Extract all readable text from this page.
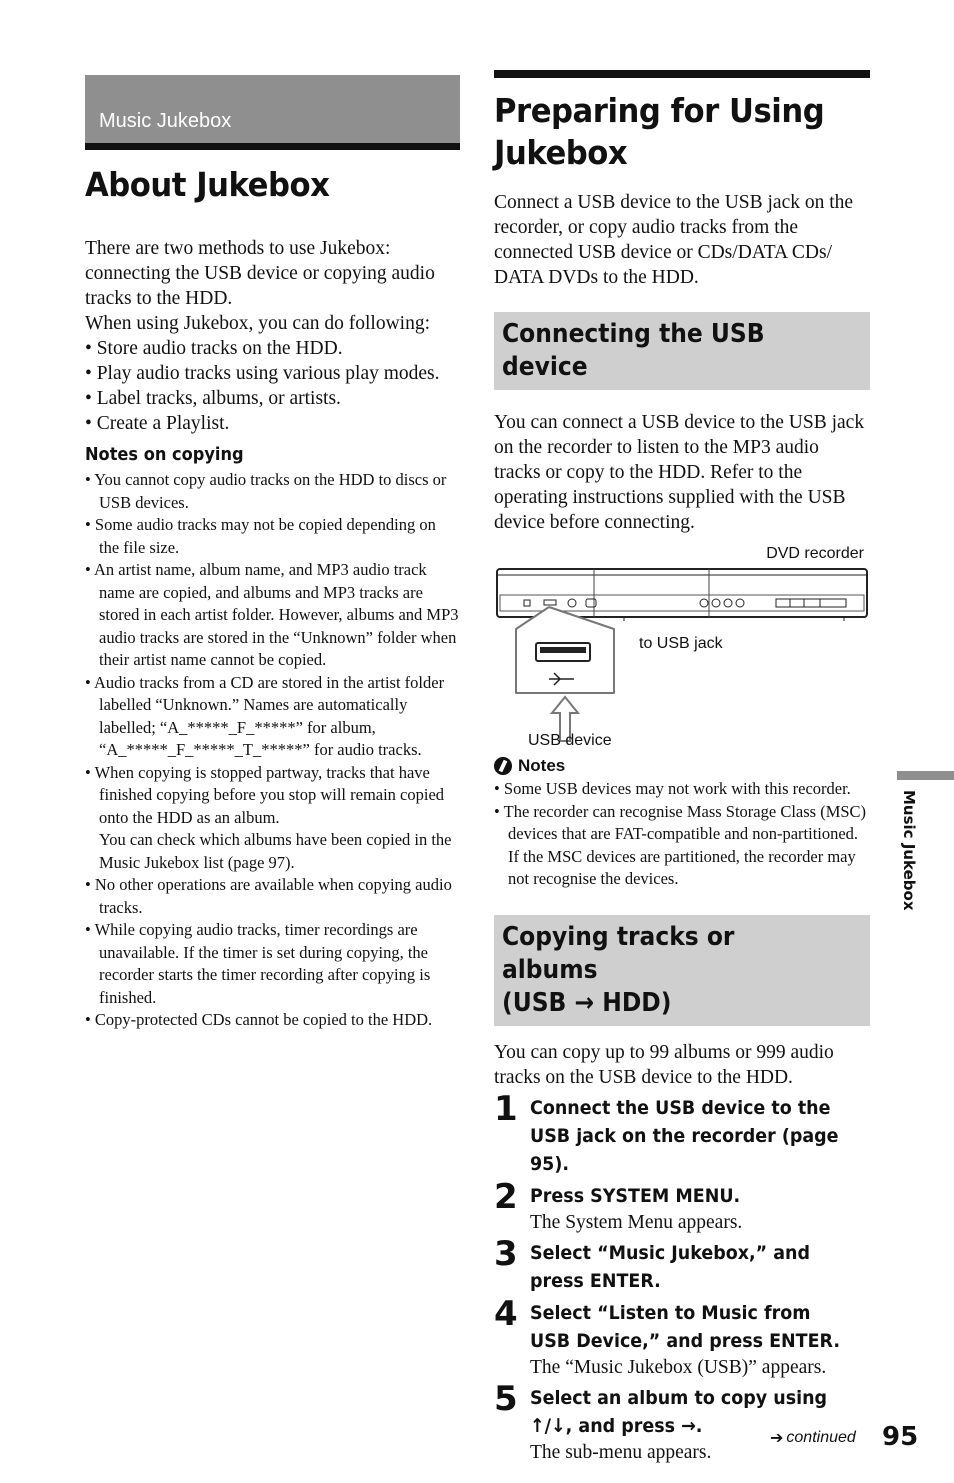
Music Jukebox
About Jukebox

There are two methods to use Jukebox: connecting the USB device or copying audio tracks to the HDD.

When using Jukebox, you can do following:

• Store audio tracks on the HDD.
• Play audio tracks using various play modes.
• Label tracks, albums, or artists.
• Create a Playlist.
Notes on copying
• You cannot copy audio tracks on the HDD to discs or USB devices.
• Some audio tracks may not be copied depending on the file size.
• An artist name, album name, and MP3 audio track name are copied, and albums and MP3 tracks are stored in each artist folder. However, albums and MP3 audio tracks are stored in the “Unknown” folder when their artist name cannot be copied.
• Audio tracks from a CD are stored in the artist folder labelled “Unknown.” Names are automatically labelled; “A_*****_F_*****” for album, “A_*****_F_*****_T_*****” for audio tracks.
• When copying is stopped partway, tracks that have finished copying before you stop will remain copied onto the HDD as an album.
You can check which albums have been copied in the Music Jukebox list (page 97).
• No other operations are available when copying audio tracks.
• While copying audio tracks, timer recordings are unavailable. If the timer is set during copying, the recorder starts the timer recording after copying is finished.
• Copy-protected CDs cannot be copied to the HDD.
Preparing for Using Jukebox

Connect a USB device to the USB jack on the recorder, or copy audio tracks from the connected USB device or CDs/DATA CDs/ DATA DVDs to the HDD.

Connecting the USB device

You can connect a USB device to the USB jack on the recorder to listen to the MP3 audio tracks or copy to the HDD. Refer to the operating instructions supplied with the USB device before connecting.

DVD recorder
to USB jack
USB device
Notes
• Some USB devices may not work with this recorder.
• The recorder can recognise Mass Storage Class (MSC) devices that are FAT-compatible and non-partitioned. If the MSC devices are partitioned, the recorder may not recognise the devices.
Copying tracks or albums
(USB → HDD)

You can copy up to 99 albums or 999 audio tracks on the USB device to the HDD.

1 Connect the USB device to the USB jack on the recorder (page 95).
2 Press SYSTEM MENU.
The System Menu appears.
3 Select “Music Jukebox,” and press ENTER.
4 Select “Listen to Music from USB Device,” and press ENTER.
The “Music Jukebox (USB)” appears.
5 Select an album to copy using ↑/↓, and press →.
The sub-menu appears.
Music Jukebox
➔ continued 95
